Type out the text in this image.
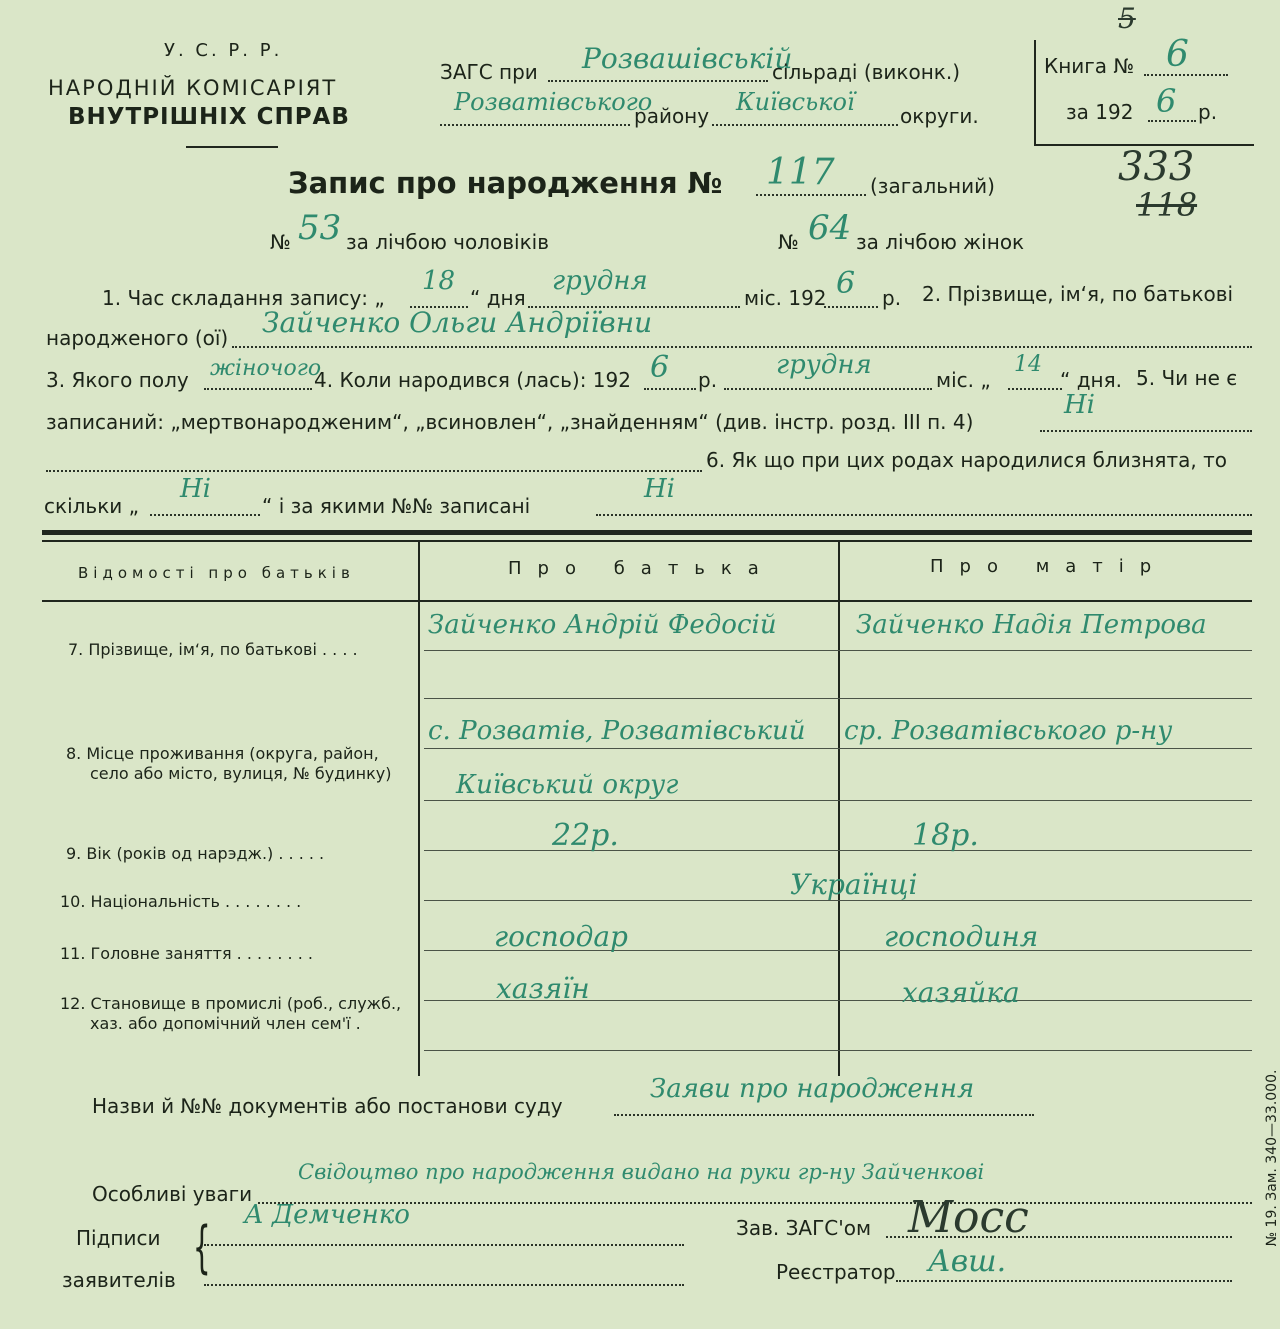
У. С. Р. Р.
НАРОДНІЙ КОМІСАРІЯТ
ВНУТРІШНІХ СПРАВ
ЗАГС при Розвашівській
сільраді (виконк.)
Розватівського
району Київської округи.
Книга № 6
5
за 192 6 р.
Запис про народження № 117 (загальний)	333
118
№ 53 за лічбою чоловіків	№ 64 за лічбою жінок
1. Час складання запису: „
18
“ дня
грудня
міс. 192 6 р. 2. Прізвище, ім‘я, по батькові
народженого (ої) Зайченко Ольги Андріївни
3. Якого полу жіночого
4. Коли народився (лась): 192 6 р. грудня	міс. „
14
“ дня. 5. Чи не є
записаний: „мертвонародженим“, „всиновлен“, „знайденням“ (див. інстр. розд. III п. 4)
Ні
6. Як що при цих родах народилися близнята, то
скільки „
Ні
“ і за якими №№ записані
Ні
Відомості про батьків	Про батька	Про матір
7. Прізвище, ім‘я, по батькові . . . .
Зайченко Андрій Федосій	Зайченко Надія Петрова
8. Місце проживання (округа, район,
село або місто, вулиця, № будинку)
с. Розватів, Розватівський
Київський округ
ср. Розватівського р-ну
9. Вік (років од нарэдж.) . . . . .
22р.	18р.
10. Національність . . . . . . . .
Українці
11. Головне заняття . . . . . . . .
господар	господиня
12. Становище в промислі (роб., служб.,
хаз. або допомічний член сем'ї .
хазяїн	хазяйка
Назви й №№ документів або постанови суду
Заяви про народження
Особливі уваги
Свідоцтво про народження видано на руки гр-ну Зайченкові
Підписи
заявителів { А Демченко	Зав. ЗАГС'ом Мосс
Реєстратор Авш.
№ 19. Зам. 340—33.000.
